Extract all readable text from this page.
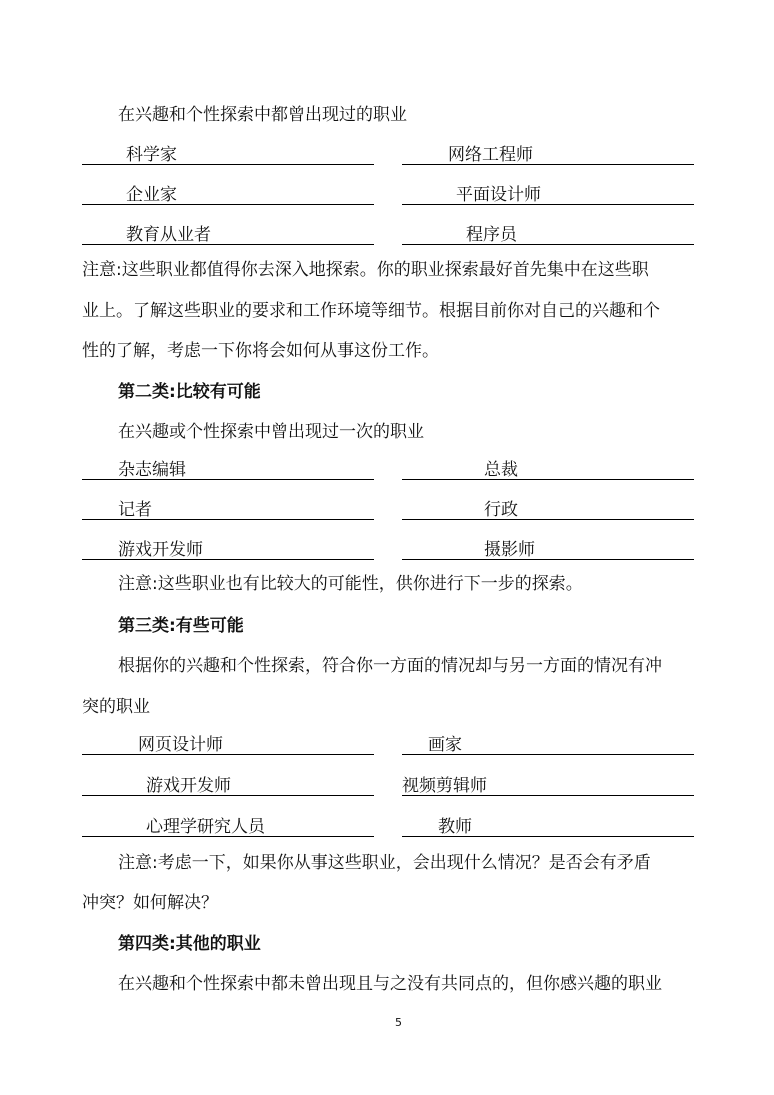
在兴趣和个性探索中都曾出现过的职业
科学家	网络工程师
企业家	平面设计师
教育从业者	程序员
注意:这些职业都值得你去深入地探索。你的职业探索最好首先集中在这些职
业上。了解这些职业的要求和工作环境等细节。根据目前你对自己的兴趣和个
性的了解，考虑一下你将会如何从事这份工作。
第二类:比较有可能
在兴趣或个性探索中曾出现过一次的职业
杂志编辑	总裁
记者	行政
游戏开发师	摄影师
注意:这些职业也有比较大的可能性，供你进行下一步的探索。
第三类:有些可能
根据你的兴趣和个性探索，符合你一方面的情况却与另一方面的情况有冲
突的职业
网页设计师	画家
游戏开发师	视频剪辑师
心理学研究人员	教师
注意:考虑一下，如果你从事这些职业，会出现什么情况？是否会有矛盾
冲突？如何解决？
第四类:其他的职业
在兴趣和个性探索中都未曾出现且与之没有共同点的，但你感兴趣的职业
5
